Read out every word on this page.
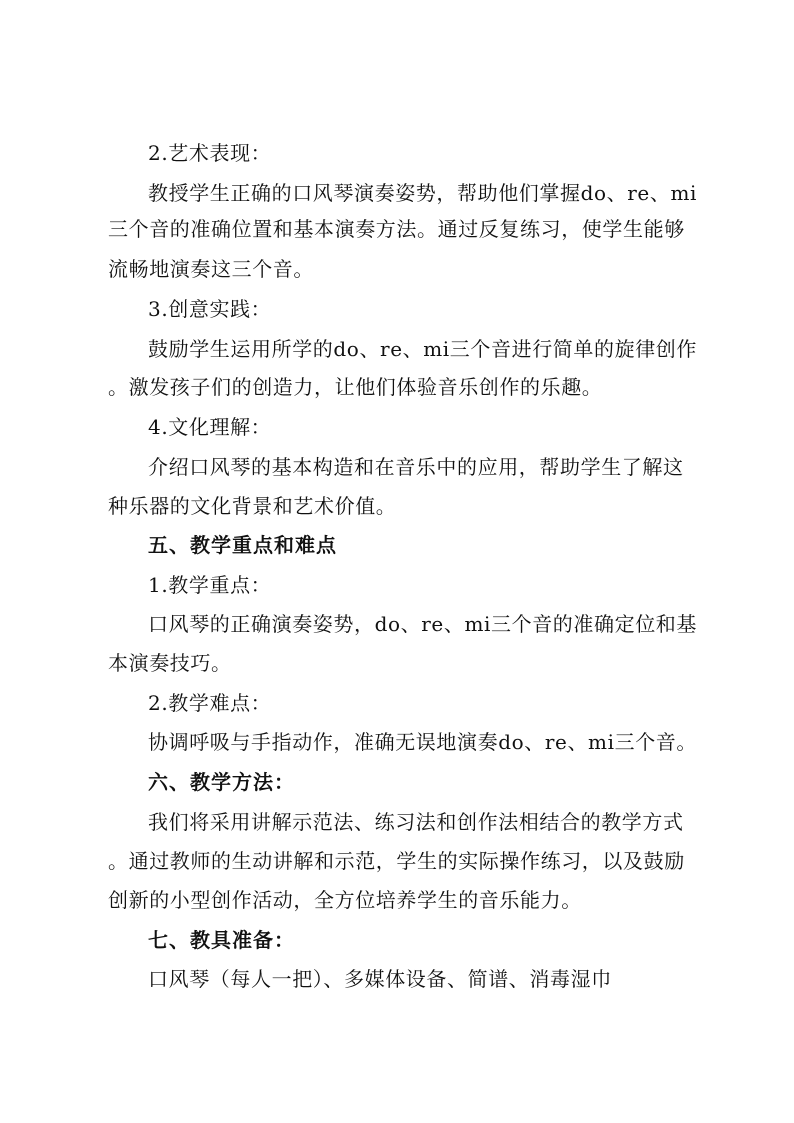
2.艺术表现：
教授学生正确的口风琴演奏姿势，帮助他们掌握do、re、mi
三个音的准确位置和基本演奏方法。通过反复练习，使学生能够
流畅地演奏这三个音。
3.创意实践：
鼓励学生运用所学的do、re、mi三个音进行简单的旋律创作
。激发孩子们的创造力，让他们体验音乐创作的乐趣。
4.文化理解：
介绍口风琴的基本构造和在音乐中的应用，帮助学生了解这
种乐器的文化背景和艺术价值。
五、教学重点和难点
1.教学重点：
口风琴的正确演奏姿势，do、re、mi三个音的准确定位和基
本演奏技巧。
2.教学难点：
协调呼吸与手指动作，准确无误地演奏do、re、mi三个音。
六、教学方法：
我们将采用讲解示范法、练习法和创作法相结合的教学方式
。通过教师的生动讲解和示范，学生的实际操作练习，以及鼓励
创新的小型创作活动，全方位培养学生的音乐能力。
七、教具准备：
口风琴（每人一把）、多媒体设备、简谱、消毒湿巾
